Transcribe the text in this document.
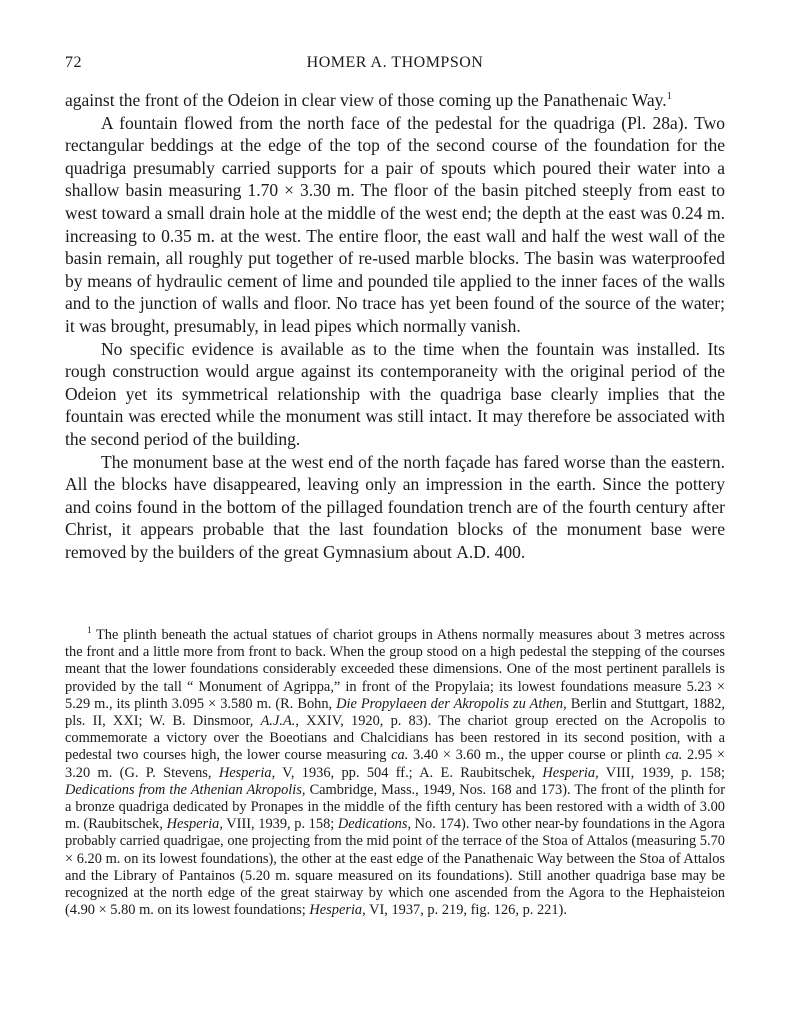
72	HOMER A. THOMPSON

against the front of the Odeion in clear view of those coming up the Panathenaic Way.$^1$

A fountain flowed from the north face of the pedestal for the quadriga (Pl. 28a). Two rectangular beddings at the edge of the top of the second course of the foundation for the quadriga presumably carried supports for a pair of spouts which poured their water into a shallow basin measuring 1.70 × 3.30 m. The floor of the basin pitched steeply from east to west toward a small drain hole at the middle of the west end; the depth at the east was 0.24 m. increasing to 0.35 m. at the west. The entire floor, the east wall and half the west wall of the basin remain, all roughly put together of re-used marble blocks. The basin was waterproofed by means of hydraulic cement of lime and pounded tile applied to the inner faces of the walls and to the junction of walls and floor. No trace has yet been found of the source of the water; it was brought, presumably, in lead pipes which normally vanish.

No specific evidence is available as to the time when the fountain was installed. Its rough construction would argue against its contemporaneity with the original period of the Odeion yet its symmetrical relationship with the quadriga base clearly implies that the fountain was erected while the monument was still intact. It may therefore be associated with the second period of the building.

The monument base at the west end of the north façade has fared worse than the eastern. All the blocks have disappeared, leaving only an impression in the earth. Since the pottery and coins found in the bottom of the pillaged foundation trench are of the fourth century after Christ, it appears probable that the last foundation blocks of the monument base were removed by the builders of the great Gymnasium about A.D. 400.

$^1$ The plinth beneath the actual statues of chariot groups in Athens normally measures about 3 metres across the front and a little more from front to back. When the group stood on a high pedestal the stepping of the courses meant that the lower foundations considerably exceeded these dimensions. One of the most pertinent parallels is provided by the tall “ Monument of Agrippa,” in front of the Propylaia; its lowest foundations measure 5.23 × 5.29 m., its plinth 3.095 × 3.580 m. (R. Bohn, Die Propylaeen der Akropolis zu Athen, Berlin and Stuttgart, 1882, pls. II, XXI; W. B. Dinsmoor, A.J.A., XXIV, 1920, p. 83). The chariot group erected on the Acropolis to commemorate a victory over the Boeotians and Chalcidians has been restored in its second position, with a pedestal two courses high, the lower course measuring ca. 3.40 × 3.60 m., the upper course or plinth ca. 2.95 × 3.20 m. (G. P. Stevens, Hesperia, V, 1936, pp. 504 ff.; A. E. Raubitschek, Hesperia, VIII, 1939, p. 158; Dedications from the Athenian Akropolis, Cambridge, Mass., 1949, Nos. 168 and 173). The front of the plinth for a bronze quadriga dedicated by Pronapes in the middle of the fifth century has been restored with a width of 3.00 m. (Raubitschek, Hesperia, VIII, 1939, p. 158; Dedications, No. 174). Two other near-by foundations in the Agora probably carried quadrigae, one projecting from the mid point of the terrace of the Stoa of Attalos (measuring 5.70 × 6.20 m. on its lowest foundations), the other at the east edge of the Panathenaic Way between the Stoa of Attalos and the Library of Pantainos (5.20 m. square measured on its foundations). Still another quadriga base may be recognized at the north edge of the great stairway by which one ascended from the Agora to the Hephaisteion (4.90 × 5.80 m. on its lowest foundations; Hesperia, VI, 1937, p. 219, fig. 126, p. 221).
